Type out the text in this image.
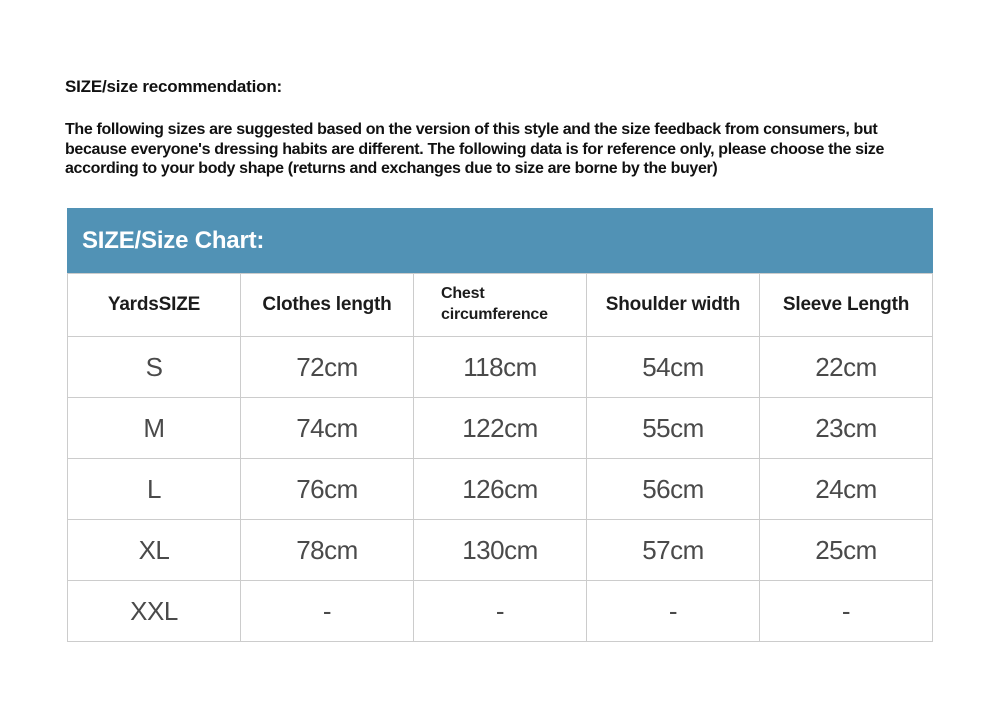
SIZE/size recommendation:

The following sizes are suggested based on the version of this style and the size feedback from consumers, but because everyone's dressing habits are different. The following data is for reference only, please choose the size according to your body shape (returns and exchanges due to size are borne by the buyer)

SIZE/Size Chart:
YardsSIZE	Clothes length	Chest circumference	Shoulder width	Sleeve Length
S	72cm	118cm	54cm	22cm
M	74cm	122cm	55cm	23cm
L	76cm	126cm	56cm	24cm
XL	78cm	130cm	57cm	25cm
XXL	-	-	-	-
